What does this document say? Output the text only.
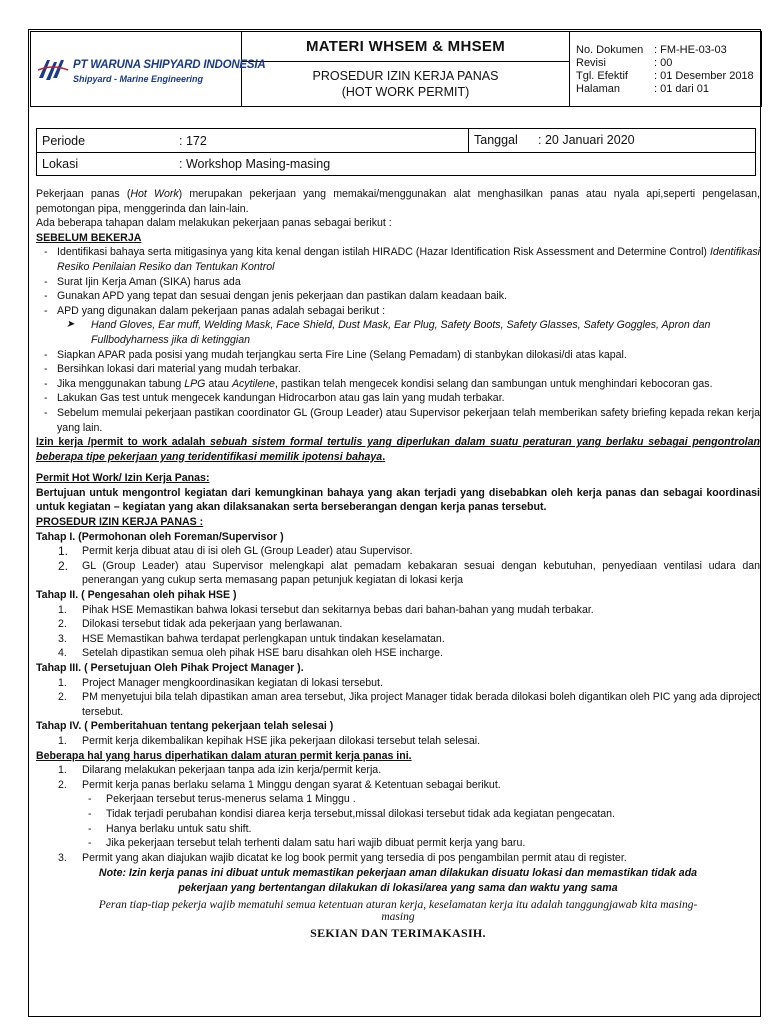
PT WARUNA SHIPYARD INDONESIA
Shipyard - Marine Engineering
MATERI WHSEM & MHSEM
PROSEDUR IZIN KERJA PANAS
(HOT WORK PERMIT)
No. Dokumen : FM-HE-03-03
Revisi	: 00
Tgl. Efektif	: 01 Desember 2018
Halaman	: 01 dari 01
Periode	: 172	Tanggal : 20 Januari 2020
Lokasi	: Workshop Masing-masing

Pekerjaan panas (Hot Work) merupakan pekerjaan yang memakai/menggunakan alat menghasilkan panas atau nyala api,seperti pengelasan, pemotongan pipa, menggerinda dan lain-lain.

Ada beberapa tahapan dalam melakukan pekerjaan panas sebagai berikut :

SEBELUM BEKERJA

- Identifikasi bahaya serta mitigasinya yang kita kenal dengan istilah HIRADC (Hazar Identification Risk Assessment and Determine Control) Identifikasi Resiko Penilaian Resiko dan Tentukan Kontrol

- Surat Ijin Kerja Aman (SIKA) harus ada

- Gunakan APD yang tepat dan sesuai dengan jenis pekerjaan dan pastikan dalam keadaan baik.

- APD yang digunakan dalam pekerjaan panas adalah sebagai berikut :

➤ Hand Gloves, Ear muff, Welding Mask, Face Shield, Dust Mask, Ear Plug, Safety Boots, Safety Glasses, Safety Goggles, Apron dan Fullbodyharness jika di ketinggian

- Siapkan APAR pada posisi yang mudah terjangkau serta Fire Line (Selang Pemadam) di stanbykan dilokasi/di atas kapal.

- Bersihkan lokasi dari material yang mudah terbakar.

- Jika menggunakan tabung LPG atau Acytilene, pastikan telah mengecek kondisi selang dan sambungan untuk menghindari kebocoran gas.

- Lakukan Gas test untuk mengecek kandungan Hidrocarbon atau gas lain yang mudah terbakar.

- Sebelum memulai pekerjaan pastikan coordinator GL (Group Leader) atau Supervisor pekerjaan telah memberikan safety briefing kepada rekan kerja yang lain.

Izin kerja /permit to work adalah sebuah sistem formal tertulis yang diperlukan dalam suatu peraturan yang berlaku sebagai pengontrolan beberapa tipe pekerjaan yang teridentifikasi memilik ipotensi bahaya.

Permit Hot Work/ Izin Kerja Panas:

Bertujuan untuk mengontrol kegiatan dari kemungkinan bahaya yang akan terjadi yang disebabkan oleh kerja panas dan sebagai koordinasi untuk kegiatan – kegiatan yang akan dilaksanakan serta berseberangan dengan kerja panas tersebut.

PROSEDUR IZIN KERJA PANAS :

Tahap I. (Permohonan oleh Foreman/Supervisor )

1. Permit kerja dibuat atau di isi oleh GL (Group Leader) atau Supervisor.

2. GL (Group Leader) atau Supervisor melengkapi alat pemadam kebakaran sesuai dengan kebutuhan, penyediaan ventilasi udara dan penerangan yang cukup serta memasang papan petunjuk kegiatan di lokasi kerja

Tahap II. ( Pengesahan oleh pihak HSE )

1. Pihak HSE Memastikan bahwa lokasi tersebut dan sekitarnya bebas dari bahan-bahan yang mudah terbakar.

2. Dilokasi tersebut tidak ada pekerjaan yang berlawanan.

3. HSE Memastikan bahwa terdapat perlengkapan untuk tindakan keselamatan.

4. Setelah dipastikan semua oleh pihak HSE baru disahkan oleh HSE incharge.

Tahap III. ( Persetujuan Oleh Pihak Project Manager ).

1. Project Manager mengkoordinasikan kegiatan di lokasi tersebut.

2. PM menyetujui bila telah dipastikan aman area tersebut, Jika project Manager tidak berada dilokasi boleh digantikan oleh PIC yang ada diproject tersebut.

Tahap IV. ( Pemberitahuan tentang pekerjaan telah selesai )

1. Permit kerja dikembalikan kepihak HSE jika pekerjaan dilokasi tersebut telah selesai.

Beberapa hal yang harus diperhatikan dalam aturan permit kerja panas ini.

1. Dilarang melakukan pekerjaan tanpa ada izin kerja/permit kerja.

2. Permit kerja panas berlaku selama 1 Minggu dengan syarat & Ketentuan sebagai berikut.

- Pekerjaan tersebut terus-menerus selama 1 Minggu .

- Tidak terjadi perubahan kondisi diarea kerja tersebut,missal dilokasi tersebut tidak ada kegiatan pengecatan.

- Hanya berlaku untuk satu shift.

- Jika pekerjaan tersebut telah terhenti dalam satu hari wajib dibuat permit kerja yang baru.

3. Permit yang akan diajukan wajib dicatat ke log book permit yang tersedia di pos pengambilan permit atau di register.

Note: Izin kerja panas ini dibuat untuk memastikan pekerjaan aman dilakukan disuatu lokasi dan memastikan tidak ada
pekerjaan yang bertentangan dilakukan di lokasi/area yang sama dan waktu yang sama
Peran tiap-tiap pekerja wajib mematuhi semua ketentuan aturan kerja, keselamatan kerja itu adalah tanggungjawab kita masing-
masing
SEKIAN DAN TERIMAKASIH.
